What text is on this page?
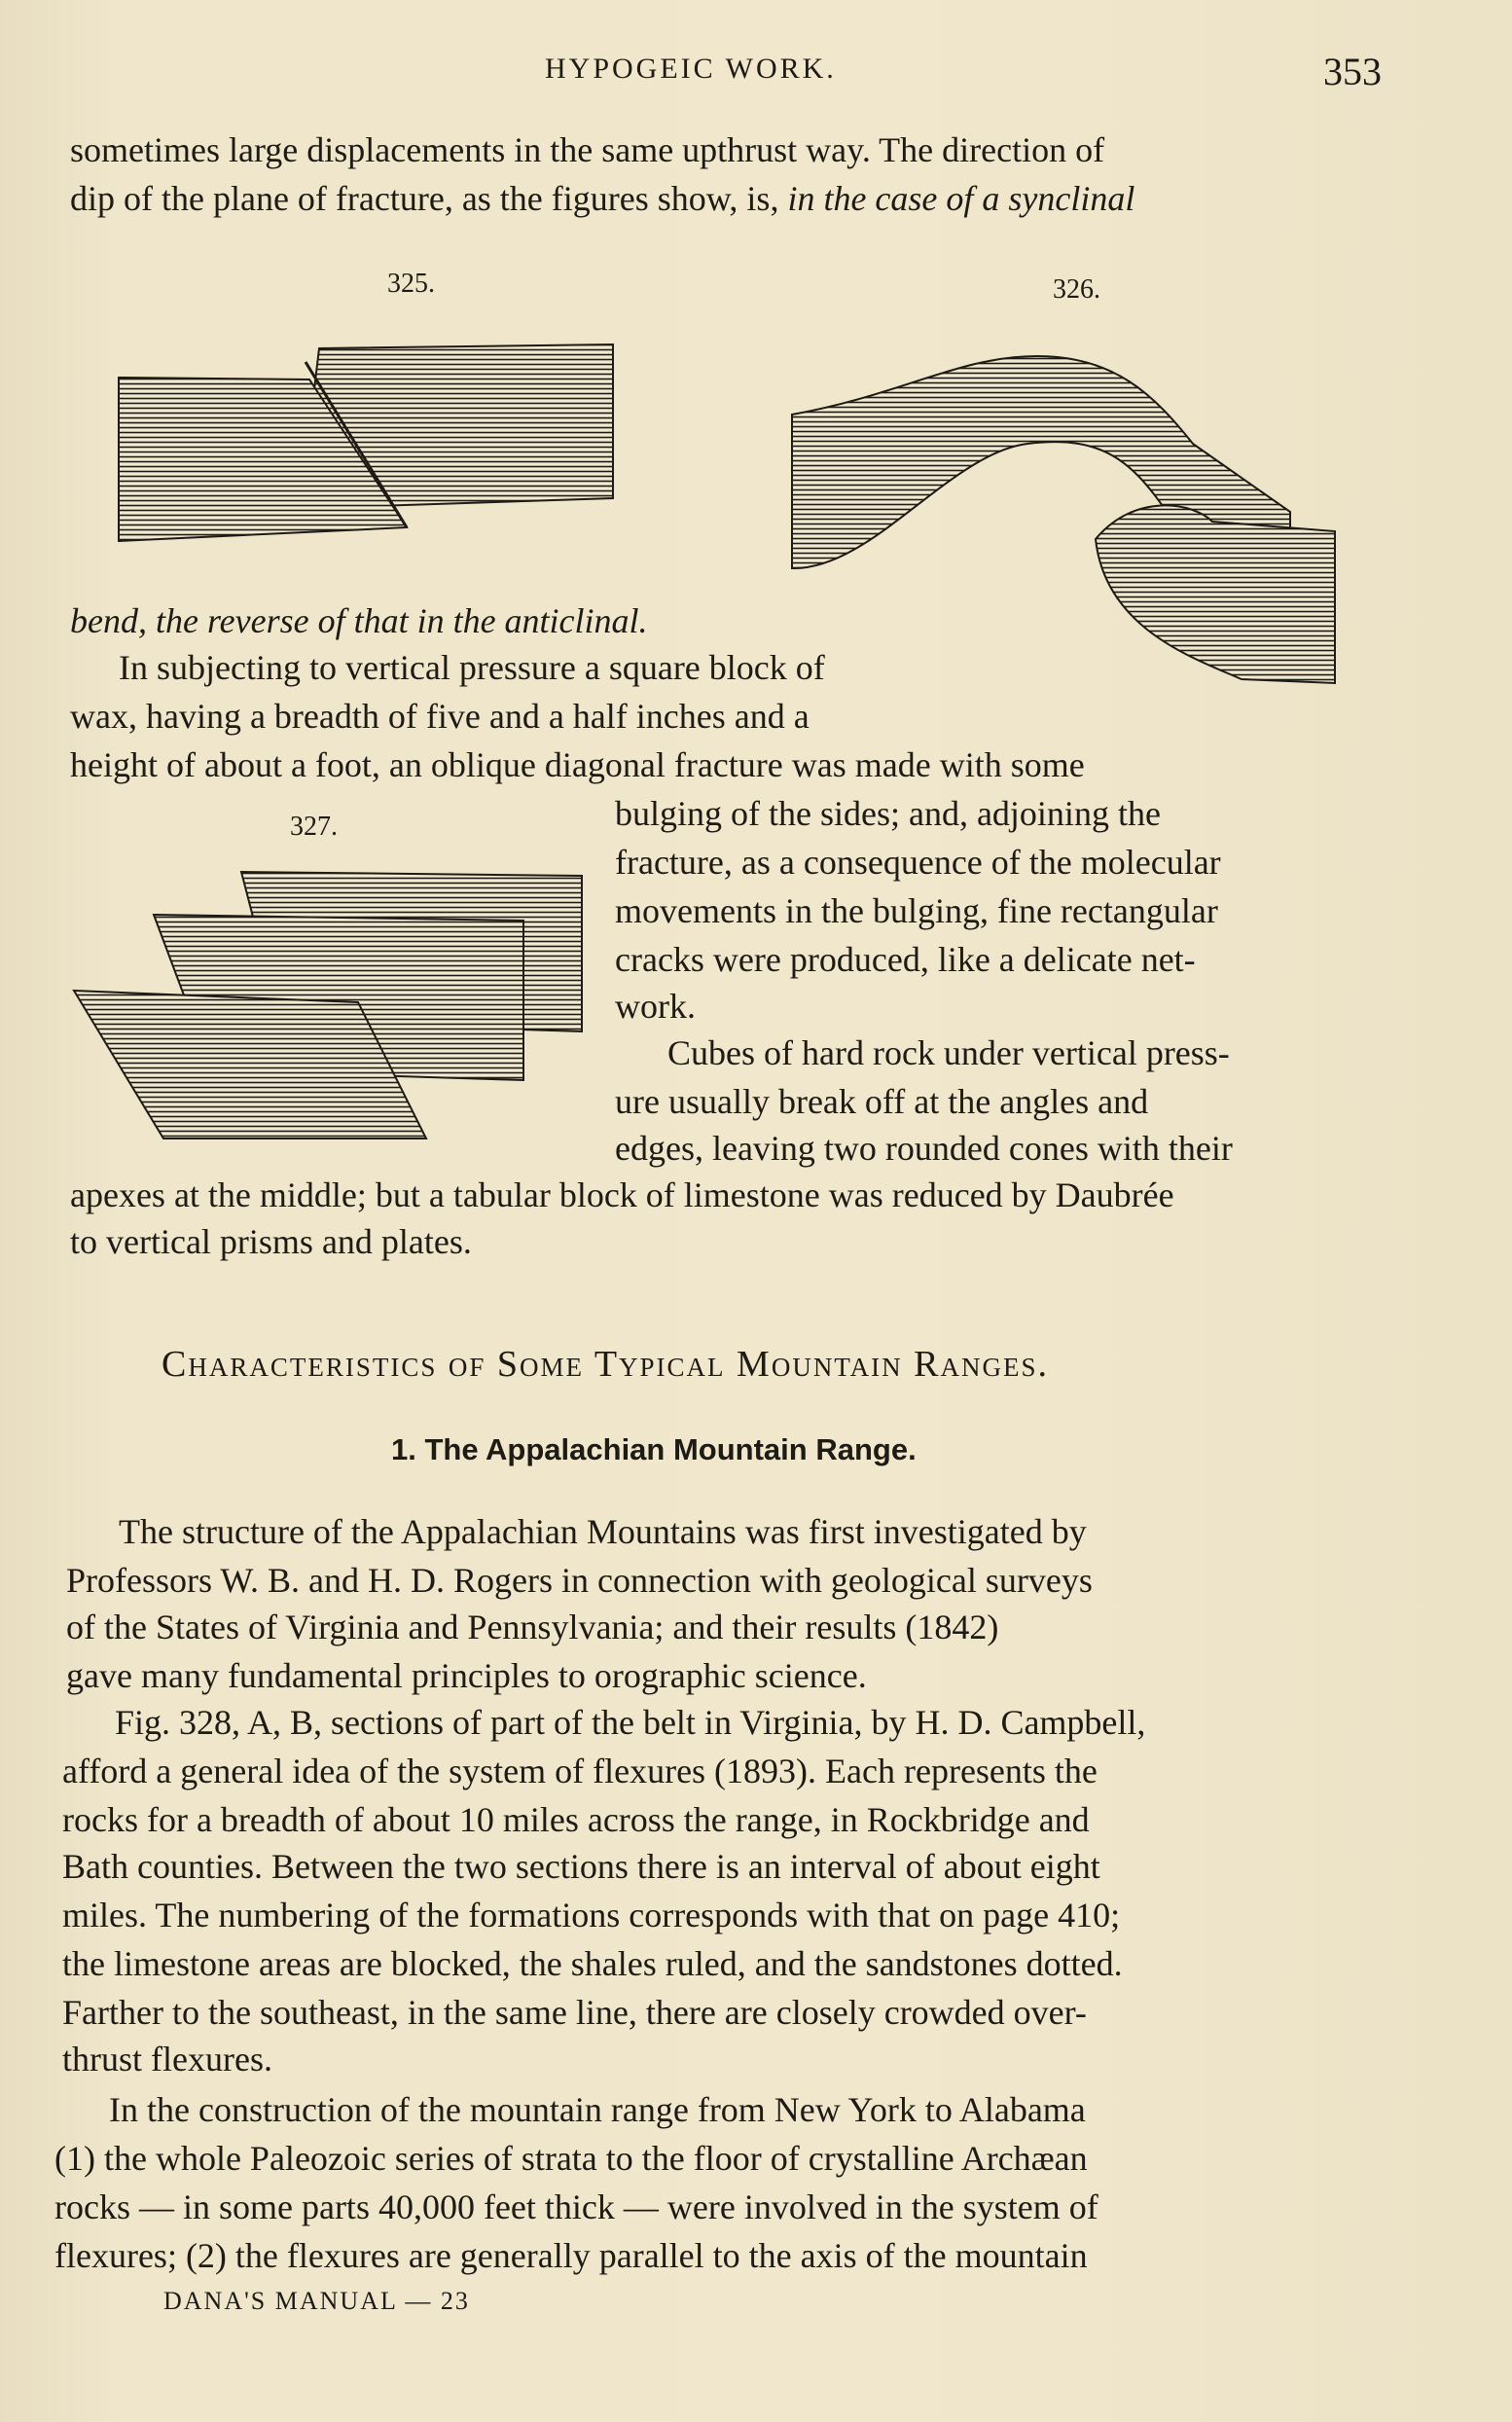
HYPOGEIC WORK.	353
sometimes large displacements in the same upthrust way. The direction of
dip of the plane of fracture, as the figures show, is, in the case of a synclinal
325.	326.
bend, the reverse of that in the anticlinal.
In subjecting to vertical pressure a square block of
wax, having a breadth of five and a half inches and a
height of about a foot, an oblique diagonal fracture was made with some
327.	bulging of the sides; and, adjoining the
fracture, as a consequence of the molecular
movements in the bulging, fine rectangular
cracks were produced, like a delicate net-
work.
Cubes of hard rock under vertical press-
ure usually break off at the angles and
edges, leaving two rounded cones with their
apexes at the middle; but a tabular block of limestone was reduced by Daubrée
to vertical prisms and plates.
Characteristics of Some Typical Mountain Ranges.
1. The Appalachian Mountain Range.
The structure of the Appalachian Mountains was first investigated by
Professors W. B. and H. D. Rogers in connection with geological surveys
of the States of Virginia and Pennsylvania; and their results (1842)
gave many fundamental principles to orographic science.
Fig. 328, A, B, sections of part of the belt in Virginia, by H. D. Campbell,
afford a general idea of the system of flexures (1893). Each represents the
rocks for a breadth of about 10 miles across the range, in Rockbridge and
Bath counties. Between the two sections there is an interval of about eight
miles. The numbering of the formations corresponds with that on page 410;
the limestone areas are blocked, the shales ruled, and the sandstones dotted.
Farther to the southeast, in the same line, there are closely crowded over-
thrust flexures.
In the construction of the mountain range from New York to Alabama
(1) the whole Paleozoic series of strata to the floor of crystalline Archæan
rocks — in some parts 40,000 feet thick — were involved in the system of
flexures; (2) the flexures are generally parallel to the axis of the mountain
DANA'S MANUAL — 23
